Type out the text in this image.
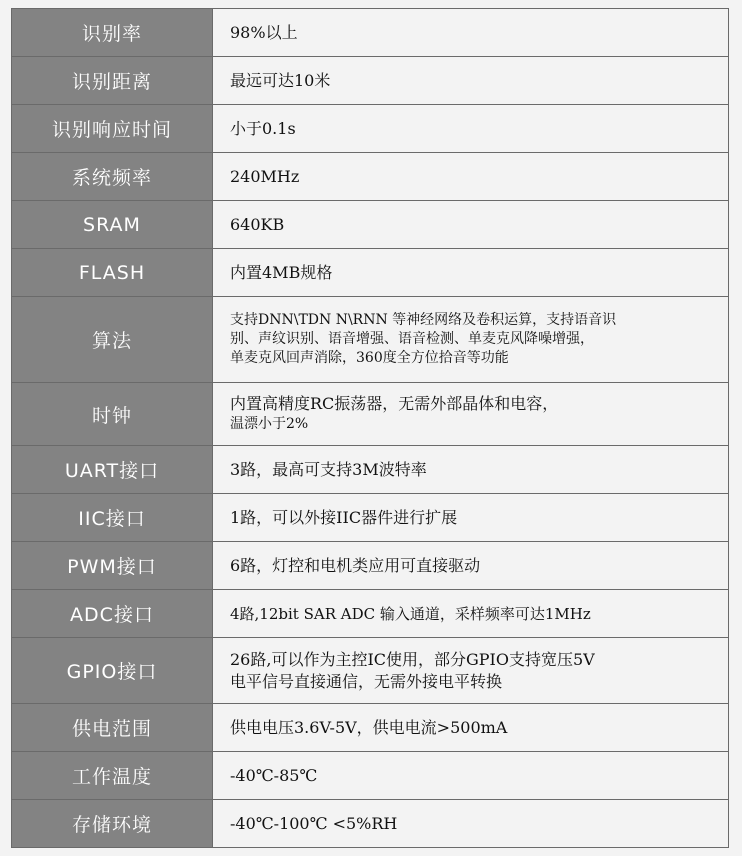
识别率	98%以上
识别距离	最远可达10米
识别响应时间	小于0.1s
系统频率	240MHz
SRAM	640KB
FLASH	内置4MB规格
算法	支持DNN\TDN N\RNN 等神经网络及卷积运算，支持语音识
别、声纹识别、语音增强、语音检测、单麦克风降噪增强，
单麦克风回声消除，360度全方位拾音等功能

时钟	内置高精度RC振荡器，无需外部晶体和电容，
温漂小于2%

UART接口	3路，最高可支持3M波特率
IIC接口	1路，可以外接IIC器件进行扩展
PWM接口	6路，灯控和电机类应用可直接驱动
ADC接口	4路,12bit SAR ADC 输入通道，采样频率可达1MHz
GPIO接口	26路,可以作为主控IC使用，部分GPIO支持宽压5V
电平信号直接通信，无需外接电平转换

供电范围	供电电压3.6V-5V，供电电流>500mA
工作温度	-40℃-85℃
存储环境	-40℃-100℃ <5%RH
